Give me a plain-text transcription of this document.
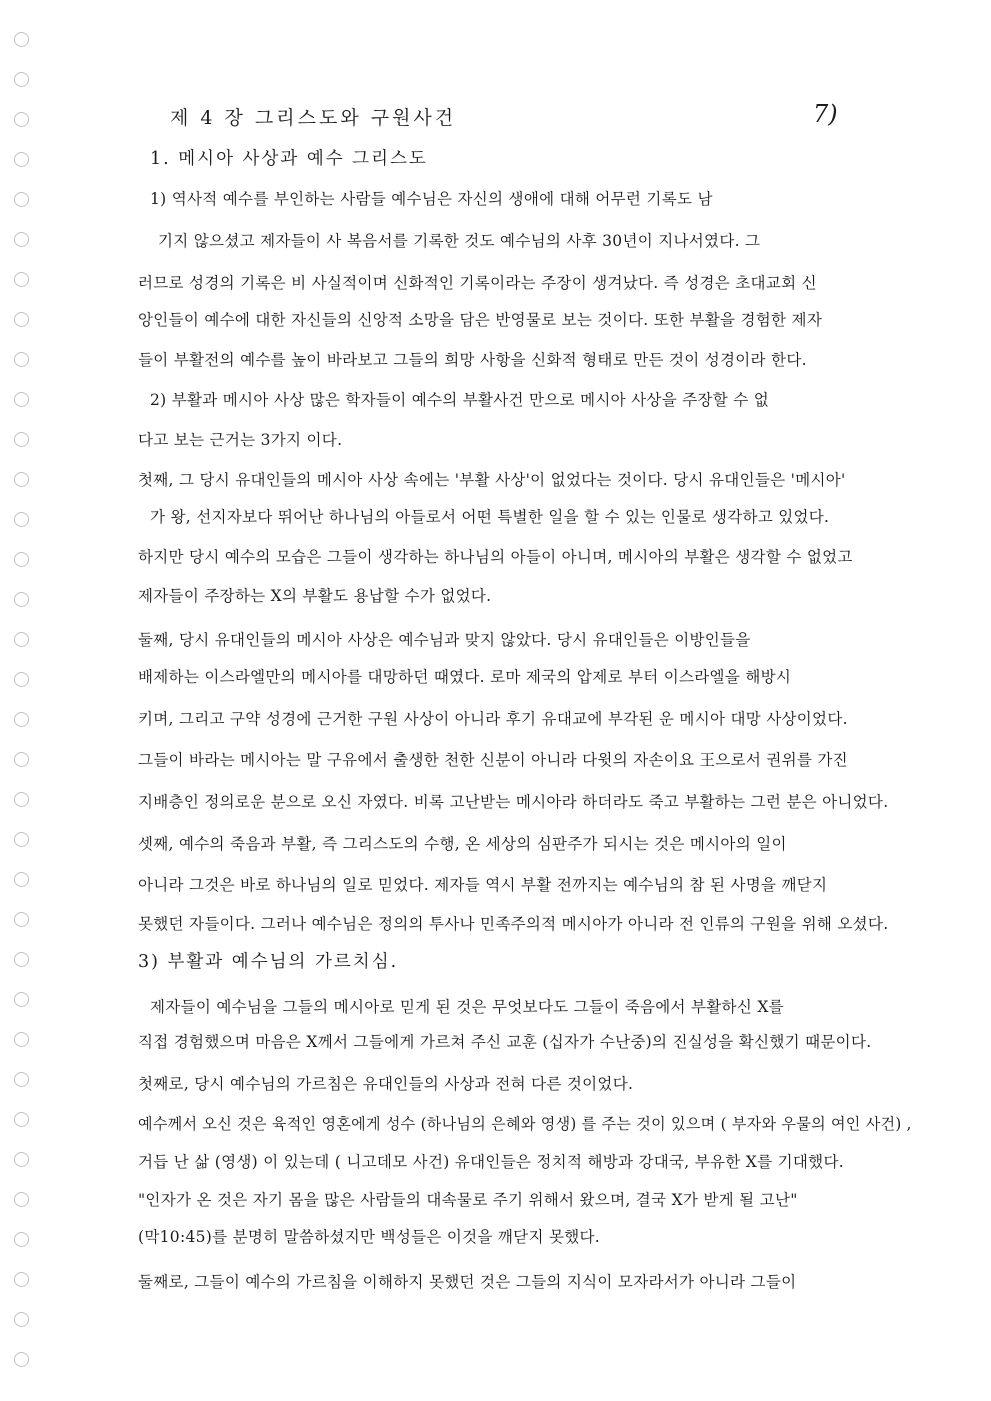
제 4 장 그리스도와 구원사건	7)
1. 메시아 사상과 예수 그리스도
1) 역사적 예수를 부인하는 사람들 예수님은 자신의 생애에 대해 어무런 기록도 남
기지 않으셨고 제자들이 사 복음서를 기록한 것도 예수님의 사후 30년이 지나서였다. 그
러므로 성경의 기록은 비 사실적이며 신화적인 기록이라는 주장이 생겨났다. 즉 성경은 초대교회 신
앙인들이 예수에 대한 자신들의 신앙적 소망을 담은 반영물로 보는 것이다. 또한 부활을 경험한 제자
들이 부활전의 예수를 높이 바라보고 그들의 희망 사항을 신화적 형태로 만든 것이 성경이라 한다.
2) 부활과 메시아 사상 많은 학자들이 예수의 부활사건 만으로 메시아 사상을 주장할 수 없
다고 보는 근거는 3가지 이다.
첫째, 그 당시 유대인들의 메시아 사상 속에는 '부활 사상'이 없었다는 것이다. 당시 유대인들은 '메시아'
가 왕, 선지자보다 뛰어난 하나님의 아들로서 어떤 특별한 일을 할 수 있는 인물로 생각하고 있었다.
하지만 당시 예수의 모습은 그들이 생각하는 하나님의 아들이 아니며, 메시아의 부활은 생각할 수 없었고
제자들이 주장하는 X의 부활도 용납할 수가 없었다.
둘째, 당시 유대인들의 메시아 사상은 예수님과 맞지 않았다. 당시 유대인들은 이방인들을
배제하는 이스라엘만의 메시아를 대망하던 때였다. 로마 제국의 압제로 부터 이스라엘을 해방시
키며, 그리고 구약 성경에 근거한 구원 사상이 아니라 후기 유대교에 부각된 운 메시아 대망 사상이었다.
그들이 바라는 메시아는 말 구유에서 출생한 천한 신분이 아니라 다윗의 자손이요 王으로서 권위를 가진
지배층인 정의로운 분으로 오신 자였다. 비록 고난받는 메시아라 하더라도 죽고 부활하는 그런 분은 아니었다.
셋째, 예수의 죽음과 부활, 즉 그리스도의 수행, 온 세상의 심판주가 되시는 것은 메시아의 일이
아니라 그것은 바로 하나님의 일로 믿었다. 제자들 역시 부활 전까지는 예수님의 참 된 사명을 깨닫지
못했던 자들이다. 그러나 예수님은 정의의 투사나 민족주의적 메시아가 아니라 전 인류의 구원을 위해 오셨다.
3) 부활과 예수님의 가르치심.
제자들이 예수님을 그들의 메시아로 믿게 된 것은 무엇보다도 그들이 죽음에서 부활하신 X를
직접 경험했으며 마음은 X께서 그들에게 가르쳐 주신 교훈 (십자가 수난중)의 진실성을 확신했기 때문이다.
첫째로, 당시 예수님의 가르침은 유대인들의 사상과 전혀 다른 것이었다.
예수께서 오신 것은 육적인 영혼에게 성수 (하나님의 은혜와 영생) 를 주는 것이 있으며 ( 부자와 우물의 여인 사건) ,
거듭 난 삶 (영생) 이 있는데 ( 니고데모 사건) 유대인들은 정치적 해방과 강대국, 부유한 X를 기대했다.
"인자가 온 것은 자기 몸을 많은 사람들의 대속물로 주기 위해서 왔으며, 결국 X가 받게 될 고난"
(막10:45)를 분명히 말씀하셨지만 백성들은 이것을 깨닫지 못했다.
둘째로, 그들이 예수의 가르침을 이해하지 못했던 것은 그들의 지식이 모자라서가 아니라 그들이
